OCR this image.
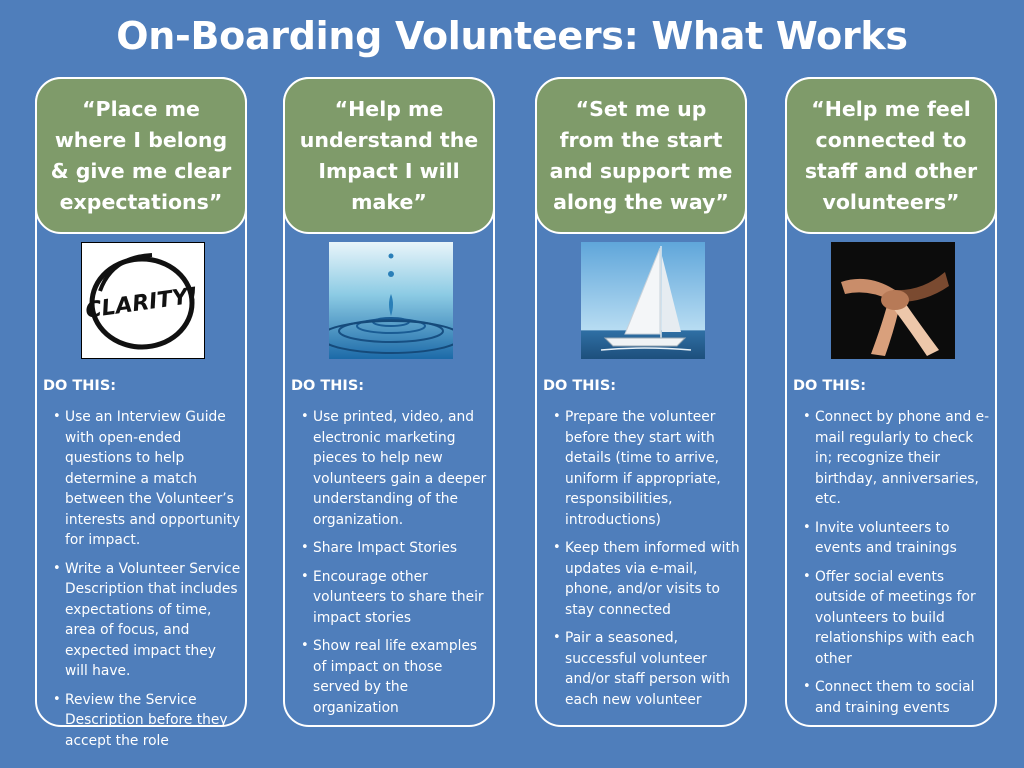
On-Boarding Volunteers: What Works
“Place me where I belong & give me clear expectations”
CLARITY!
DO THIS:
• Use an Interview Guide with open-ended questions to help determine a match between the Volunteer’s interests and opportunity for impact.
• Write a Volunteer Service Description that includes expectations of time, area of focus, and expected impact they will have.
• Review the Service Description before they accept the role
“Help me understand the Impact I will make”
DO THIS:
• Use printed, video, and electronic marketing pieces to help new volunteers gain a deeper understanding of the organization.
• Share Impact Stories
• Encourage other volunteers to share their impact stories
• Show real life examples of impact on those served by the organization
“Set me up from the start and support me along the way”
DO THIS:
• Prepare the volunteer before they start with details (time to arrive, uniform if appropriate, responsibilities, introductions)
• Keep them informed with updates via e-mail, phone, and/or visits to stay connected
• Pair a seasoned, successful volunteer and/or staff person with each new volunteer
“Help me feel connected to staff and other volunteers”
DO THIS:
• Connect by phone and e-mail regularly to check in; recognize their birthday, anniversaries, etc.
• Invite volunteers to events and trainings
• Offer social events outside of meetings for volunteers to build relationships with each other
• Connect them to social and training events
